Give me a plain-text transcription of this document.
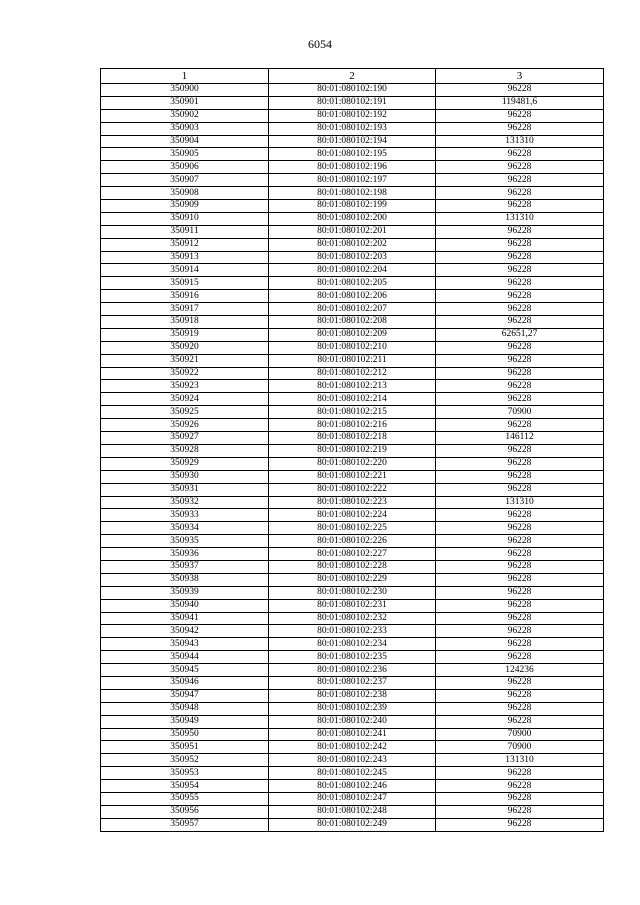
6054
1	2	3
350900	80:01:080102:190	96228
350901	80:01:080102:191	119481,6
350902	80:01:080102:192	96228
350903	80:01:080102:193	96228
350904	80:01:080102:194	131310
350905	80:01:080102:195	96228
350906	80:01:080102:196	96228
350907	80:01:080102:197	96228
350908	80:01:080102:198	96228
350909	80:01:080102:199	96228
350910	80:01:080102:200	131310
350911	80:01:080102:201	96228
350912	80:01:080102:202	96228
350913	80:01:080102:203	96228
350914	80:01:080102:204	96228
350915	80:01:080102:205	96228
350916	80:01:080102:206	96228
350917	80:01:080102:207	96228
350918	80:01:080102:208	96228
350919	80:01:080102:209	62651,27
350920	80:01:080102:210	96228
350921	80:01:080102:211	96228
350922	80:01:080102:212	96228
350923	80:01:080102:213	96228
350924	80:01:080102:214	96228
350925	80:01:080102:215	70900
350926	80:01:080102:216	96228
350927	80:01:080102:218	146112
350928	80:01:080102:219	96228
350929	80:01:080102:220	96228
350930	80:01:080102:221	96228
350931	80:01:080102:222	96228
350932	80:01:080102:223	131310
350933	80:01:080102:224	96228
350934	80:01:080102:225	96228
350935	80:01:080102:226	96228
350936	80:01:080102:227	96228
350937	80:01:080102:228	96228
350938	80:01:080102:229	96228
350939	80:01:080102:230	96228
350940	80:01:080102:231	96228
350941	80:01:080102:232	96228
350942	80:01:080102:233	96228
350943	80:01:080102:234	96228
350944	80:01:080102:235	96228
350945	80:01:080102:236	124236
350946	80:01:080102:237	96228
350947	80:01:080102:238	96228
350948	80:01:080102:239	96228
350949	80:01:080102:240	96228
350950	80:01:080102:241	70900
350951	80:01:080102:242	70900
350952	80:01:080102:243	131310
350953	80:01:080102:245	96228
350954	80:01:080102:246	96228
350955	80:01:080102:247	96228
350956	80:01:080102:248	96228
350957	80:01:080102:249	96228
